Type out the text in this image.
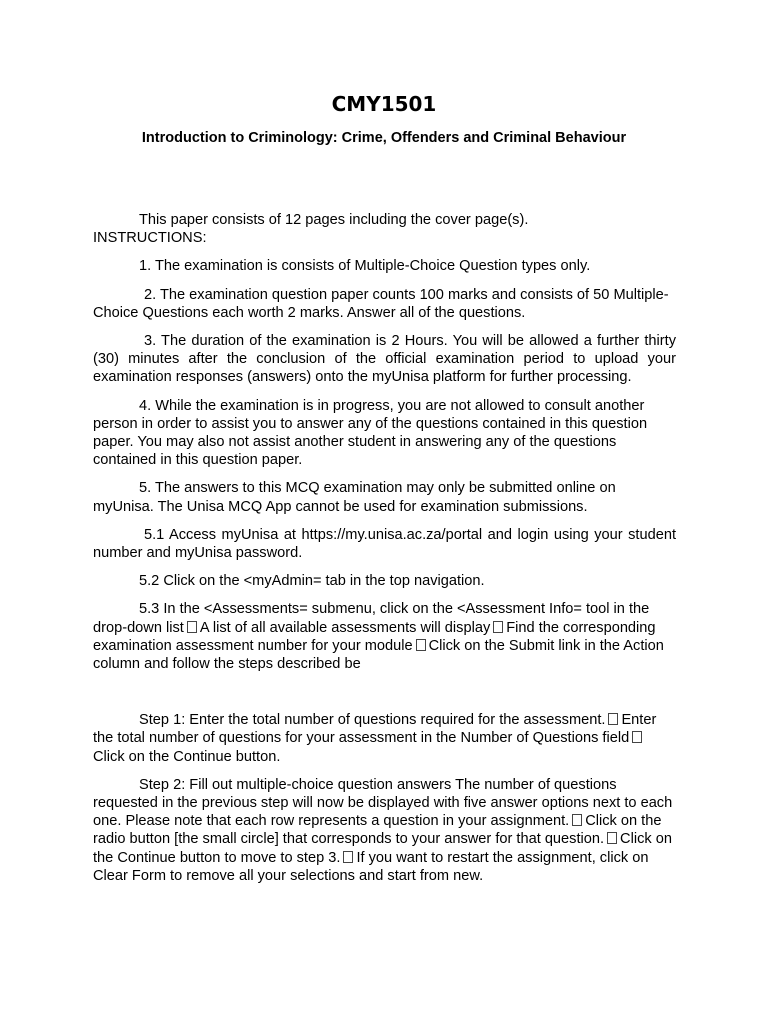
CMY1501
Introduction to Criminology: Crime, Offenders and Criminal Behaviour

This paper consists of 12 pages including the cover page(s).

INSTRUCTIONS:

1. The examination is consists of Multiple-Choice Question types only.

2. The examination question paper counts 100 marks and consists of 50 Multiple-Choice Questions each worth 2 marks. Answer all of the questions.

3. The duration of the examination is 2 Hours. You will be allowed a further thirty (30) minutes after the conclusion of the official examination period to upload your examination responses (answers) onto the myUnisa platform for further processing.

4. While the examination is in progress, you are not allowed to consult another person in order to assist you to answer any of the questions contained in this question paper. You may also not assist another student in answering any of the questions contained in this question paper.

5. The answers to this MCQ examination may only be submitted online on myUnisa. The Unisa MCQ App cannot be used for examination submissions.

5.1 Access myUnisa at https://my.unisa.ac.za/portal and login using your student number and myUnisa password.

5.2 Click on the <myAdmin= tab in the top navigation.

5.3 In the <Assessments= submenu, click on the <Assessment Info= tool in the drop-down list A list of all available assessments will display Find the corresponding examination assessment number for your module Click on the Submit link in the Action column and follow the steps described be

Step 1: Enter the total number of questions required for the assessment. Enter the total number of questions for your assessment in the Number of Questions fieldClick on the Continue button.

Step 2: Fill out multiple-choice question answers The number of questions requested in the previous step will now be displayed with five answer options next to each one. Please note that each row represents a question in your assignment. Click on the radio button [the small circle] that corresponds to your answer for that question. Click on the Continue button to move to step 3. If you want to restart the assignment, click on Clear Form to remove all your selections and start from new.
